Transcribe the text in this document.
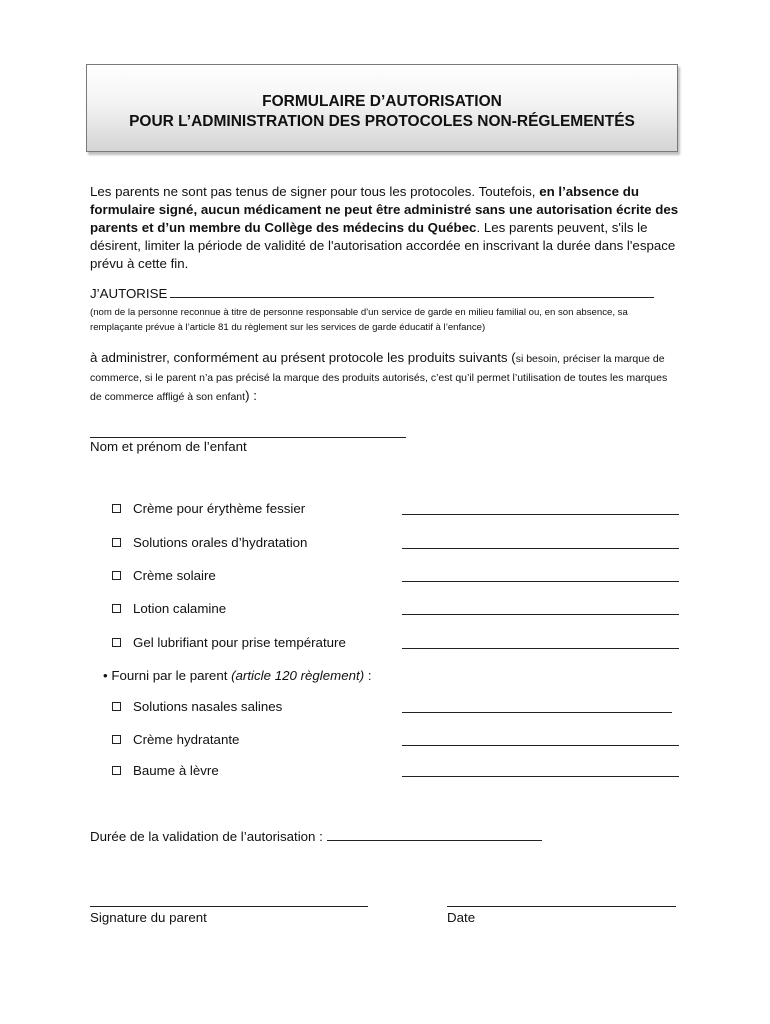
FORMULAIRE D’AUTORISATION
POUR L’ADMINISTRATION DES PROTOCOLES NON-RÉGLEMENTÉS
Les parents ne sont pas tenus de signer pour tous les protocoles. Toutefois, en l’absence du formulaire signé, aucun médicament ne peut être administré sans une autorisation écrite des parents et d’un membre du Collège des médecins du Québec. Les parents peuvent, s'ils le désirent, limiter la période de validité de l'autorisation accordée en inscrivant la durée dans l'espace prévu à cette fin.
J’AUTORISE
(nom de la personne reconnue à titre de personne responsable d'un service de garde en milieu familial ou, en son absence, sa remplaçante prévue à l’article 81 du règlement sur les services de garde éducatif à l’enfance)
à administrer, conformément au présent protocole les produits suivants (si besoin, préciser la marque de commerce, si le parent n’a pas précisé la marque des produits autorisés, c’est qu’il permet l’utilisation de toutes les marques de commerce affligé à son enfant) :
Nom et prénom de l’enfant
Crème pour érythème fessier
Solutions orales d’hydratation
Crème solaire
Lotion calamine
Gel lubrifiant pour prise température
• Fourni par le parent (article 120 règlement) :
Solutions nasales salines
Crème hydratante
Baume à lèvre
Durée de la validation de l’autorisation :
Signature du parent	Date
